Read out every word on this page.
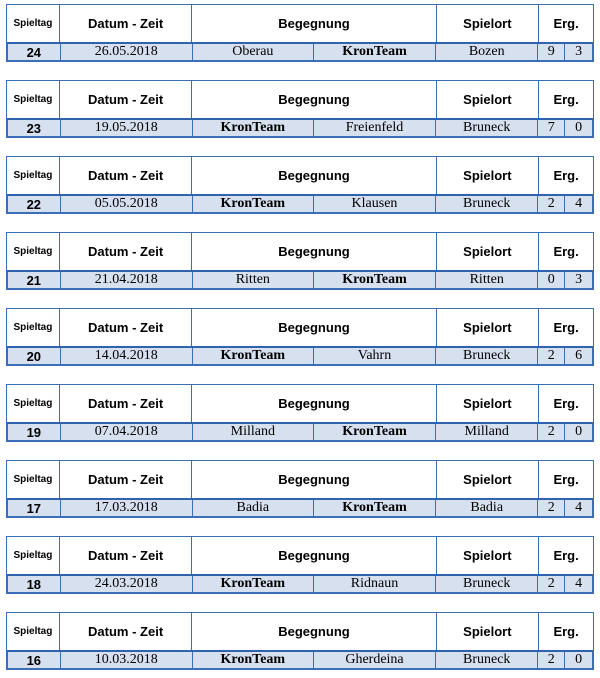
Spieltag	Datum - Zeit	Begegnung	Spielort	Erg.
24	26.05.2018	Oberau	KronTeam	Bozen	9	3
Spieltag	Datum - Zeit	Begegnung	Spielort	Erg.
23	19.05.2018	KronTeam	Freienfeld	Bruneck	7	0
Spieltag	Datum - Zeit	Begegnung	Spielort	Erg.
22	05.05.2018	KronTeam	Klausen	Bruneck	2	4
Spieltag	Datum - Zeit	Begegnung	Spielort	Erg.
21	21.04.2018	Ritten	KronTeam	Ritten	0	3
Spieltag	Datum - Zeit	Begegnung	Spielort	Erg.
20	14.04.2018	KronTeam	Vahrn	Bruneck	2	6
Spieltag	Datum - Zeit	Begegnung	Spielort	Erg.
19	07.04.2018	Milland	KronTeam	Milland	2	0
Spieltag	Datum - Zeit	Begegnung	Spielort	Erg.
17	17.03.2018	Badia	KronTeam	Badia	2	4
Spieltag	Datum - Zeit	Begegnung	Spielort	Erg.
18	24.03.2018	KronTeam	Ridnaun	Bruneck	2	4
Spieltag	Datum - Zeit	Begegnung	Spielort	Erg.
16	10.03.2018	KronTeam	Gherdeina	Bruneck	2	0
